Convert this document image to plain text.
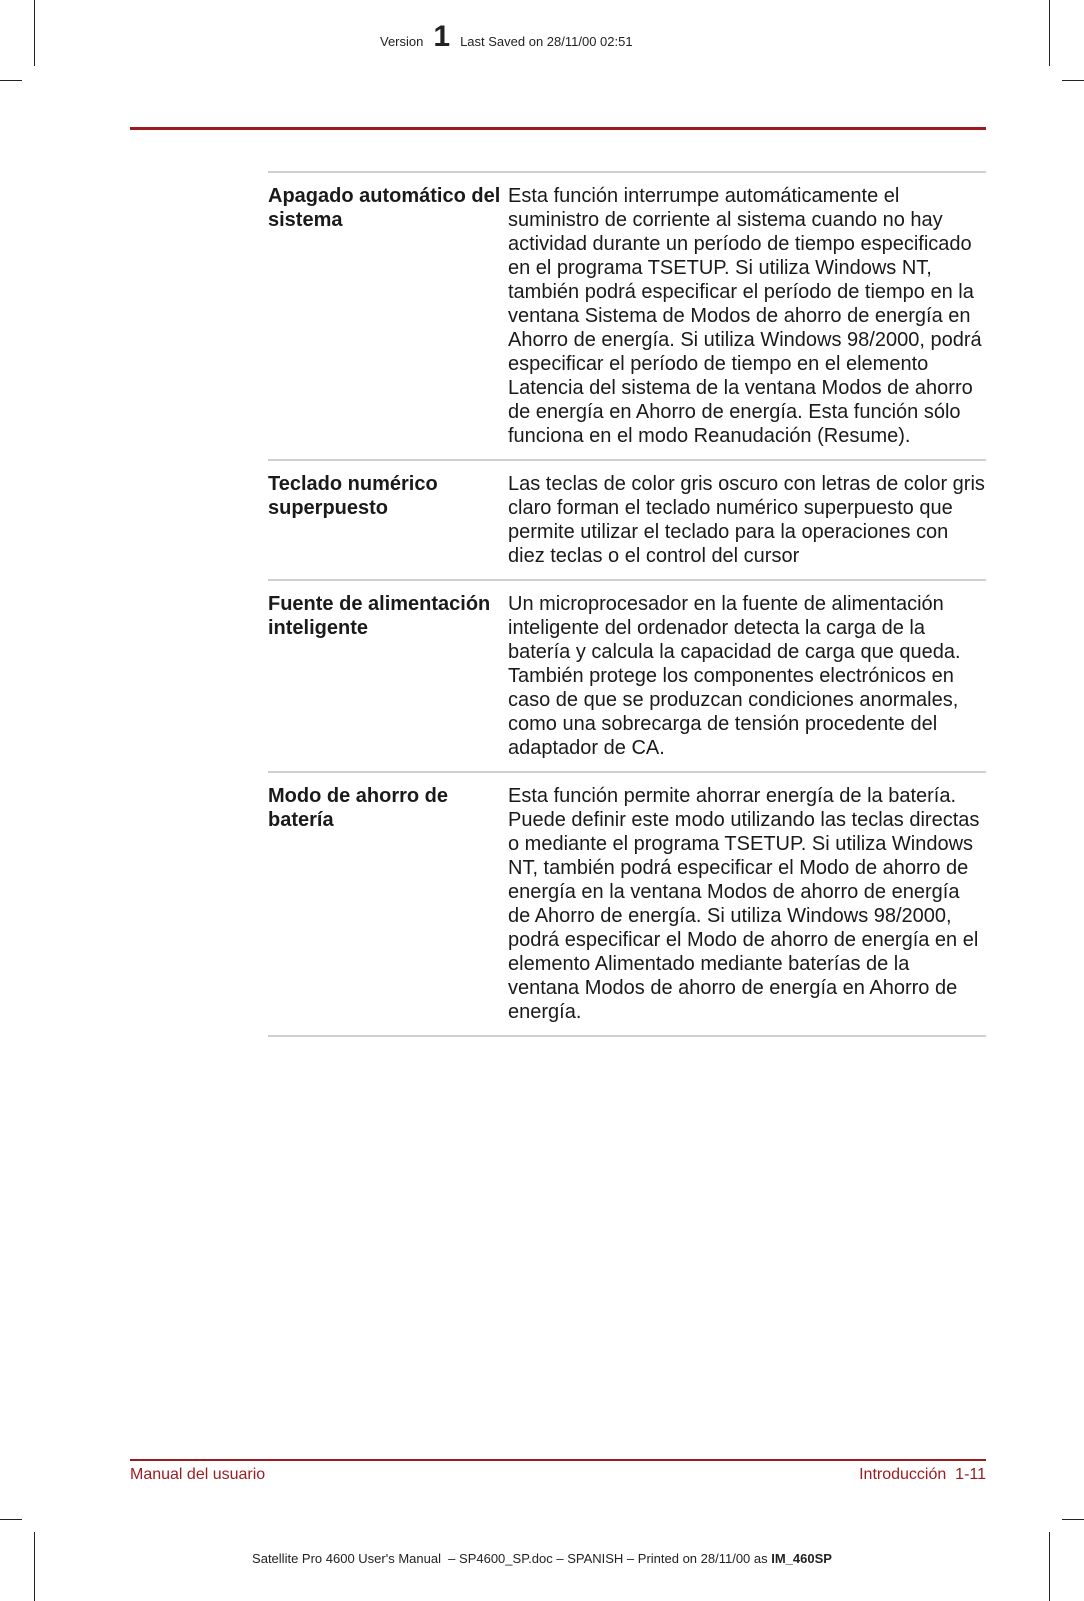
Version 1 Last Saved on 28/11/00 02:51
Apagado automático del sistema
Esta función interrumpe automáticamente el suministro de corriente al sistema cuando no hay actividad durante un período de tiempo especificado en el programa TSETUP. Si utiliza Windows NT, también podrá especificar el período de tiempo en la ventana Sistema de Modos de ahorro de energía en Ahorro de energía. Si utiliza Windows 98/2000, podrá especificar el período de tiempo en el elemento Latencia del sistema de la ventana Modos de ahorro de energía en Ahorro de energía. Esta función sólo funciona en el modo Reanudación (Resume).
Teclado numérico superpuesto
Las teclas de color gris oscuro con letras de color gris claro forman el teclado numérico superpuesto que permite utilizar el teclado para la operaciones con diez teclas o el control del cursor
Fuente de alimentación inteligente
Un microprocesador en la fuente de alimentación inteligente del ordenador detecta la carga de la batería y calcula la capacidad de carga que queda. También protege los componentes electrónicos en caso de que se produzcan condiciones anormales, como una sobrecarga de tensión procedente del adaptador de CA.
Modo de ahorro de batería
Esta función permite ahorrar energía de la batería. Puede definir este modo utilizando las teclas directas o mediante el programa TSETUP. Si utiliza Windows NT, también podrá especificar el Modo de ahorro de energía en la ventana Modos de ahorro de energía de Ahorro de energía. Si utiliza Windows 98/2000, podrá especificar el Modo de ahorro de energía en el elemento Alimentado mediante baterías de la ventana Modos de ahorro de energía en Ahorro de energía.
Manual del usuario	Introducción  1-11
Satellite Pro 4600 User's Manual  – SP4600_SP.doc – SPANISH – Printed on 28/11/00 as IM_460SP
